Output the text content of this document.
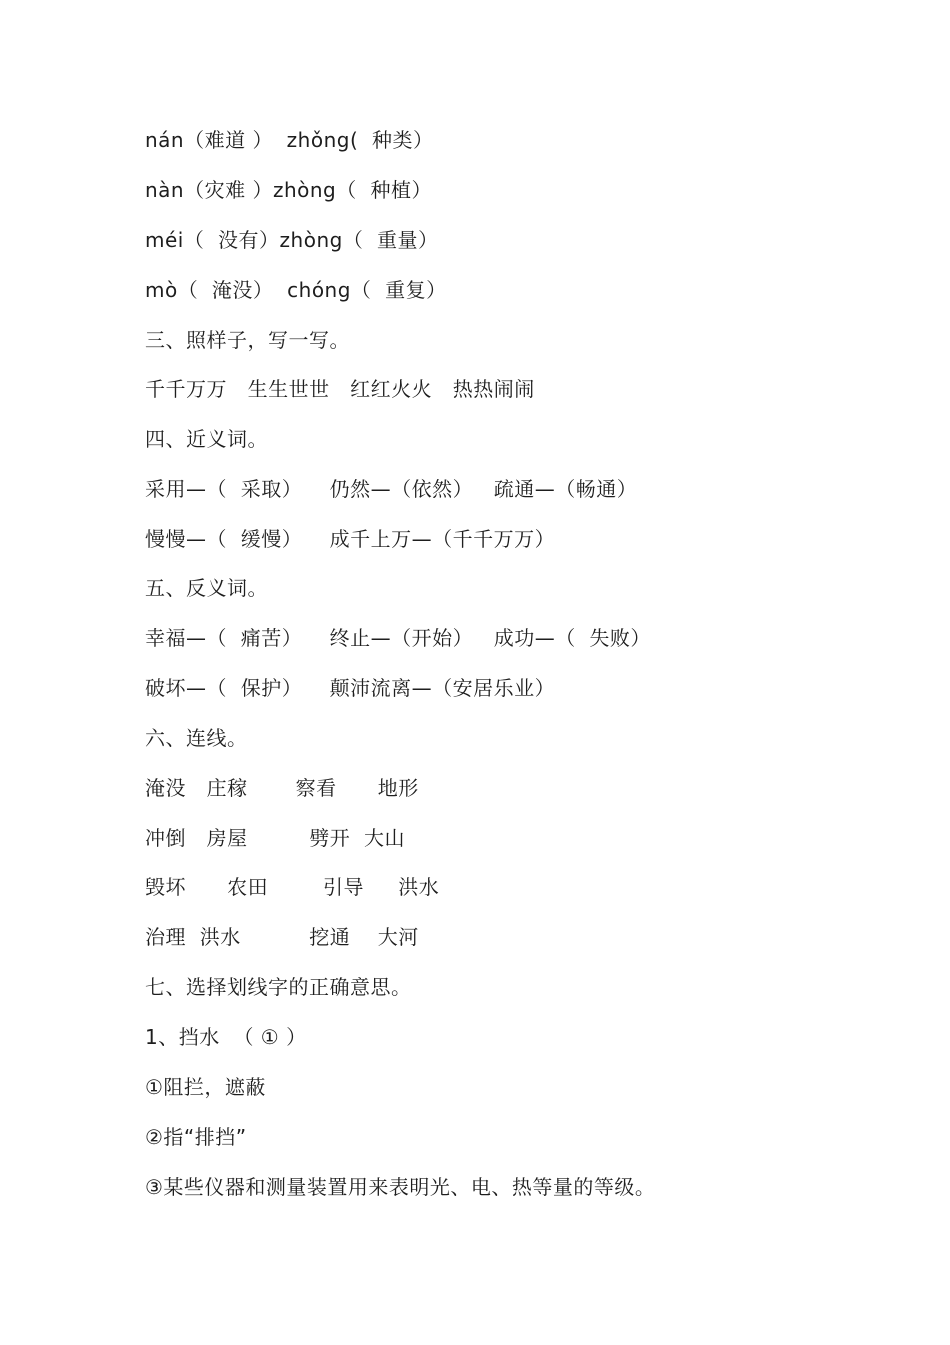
nán（难道 ）  zhǒng(  种类）
nàn（灾难 ）zhòng（  种植）
méi（  没有）zhòng（  重量）
mò（  淹没）  chóng（  重复）
三、照样子，写一写。
千千万万   生生世世   红红火火   热热闹闹
四、近义词。
采用—（  采取）    仍然—（依然）   疏通—（畅通）
慢慢—（  缓慢）    成千上万—（千千万万）
五、反义词。
幸福—（  痛苦）    终止—（开始）   成功—（  失败）
破坏—（  保护）    颠沛流离—（安居乐业）
六、连线。
淹没   庄稼       察看      地形
冲倒   房屋         劈开  大山
毁坏      农田        引导     洪水
治理  洪水          挖通    大河
七、选择划线字的正确意思。
1、挡水  （ ① ）
①阻拦，遮蔽
②指“排挡”
③某些仪器和测量装置用来表明光、电、热等量的等级。
